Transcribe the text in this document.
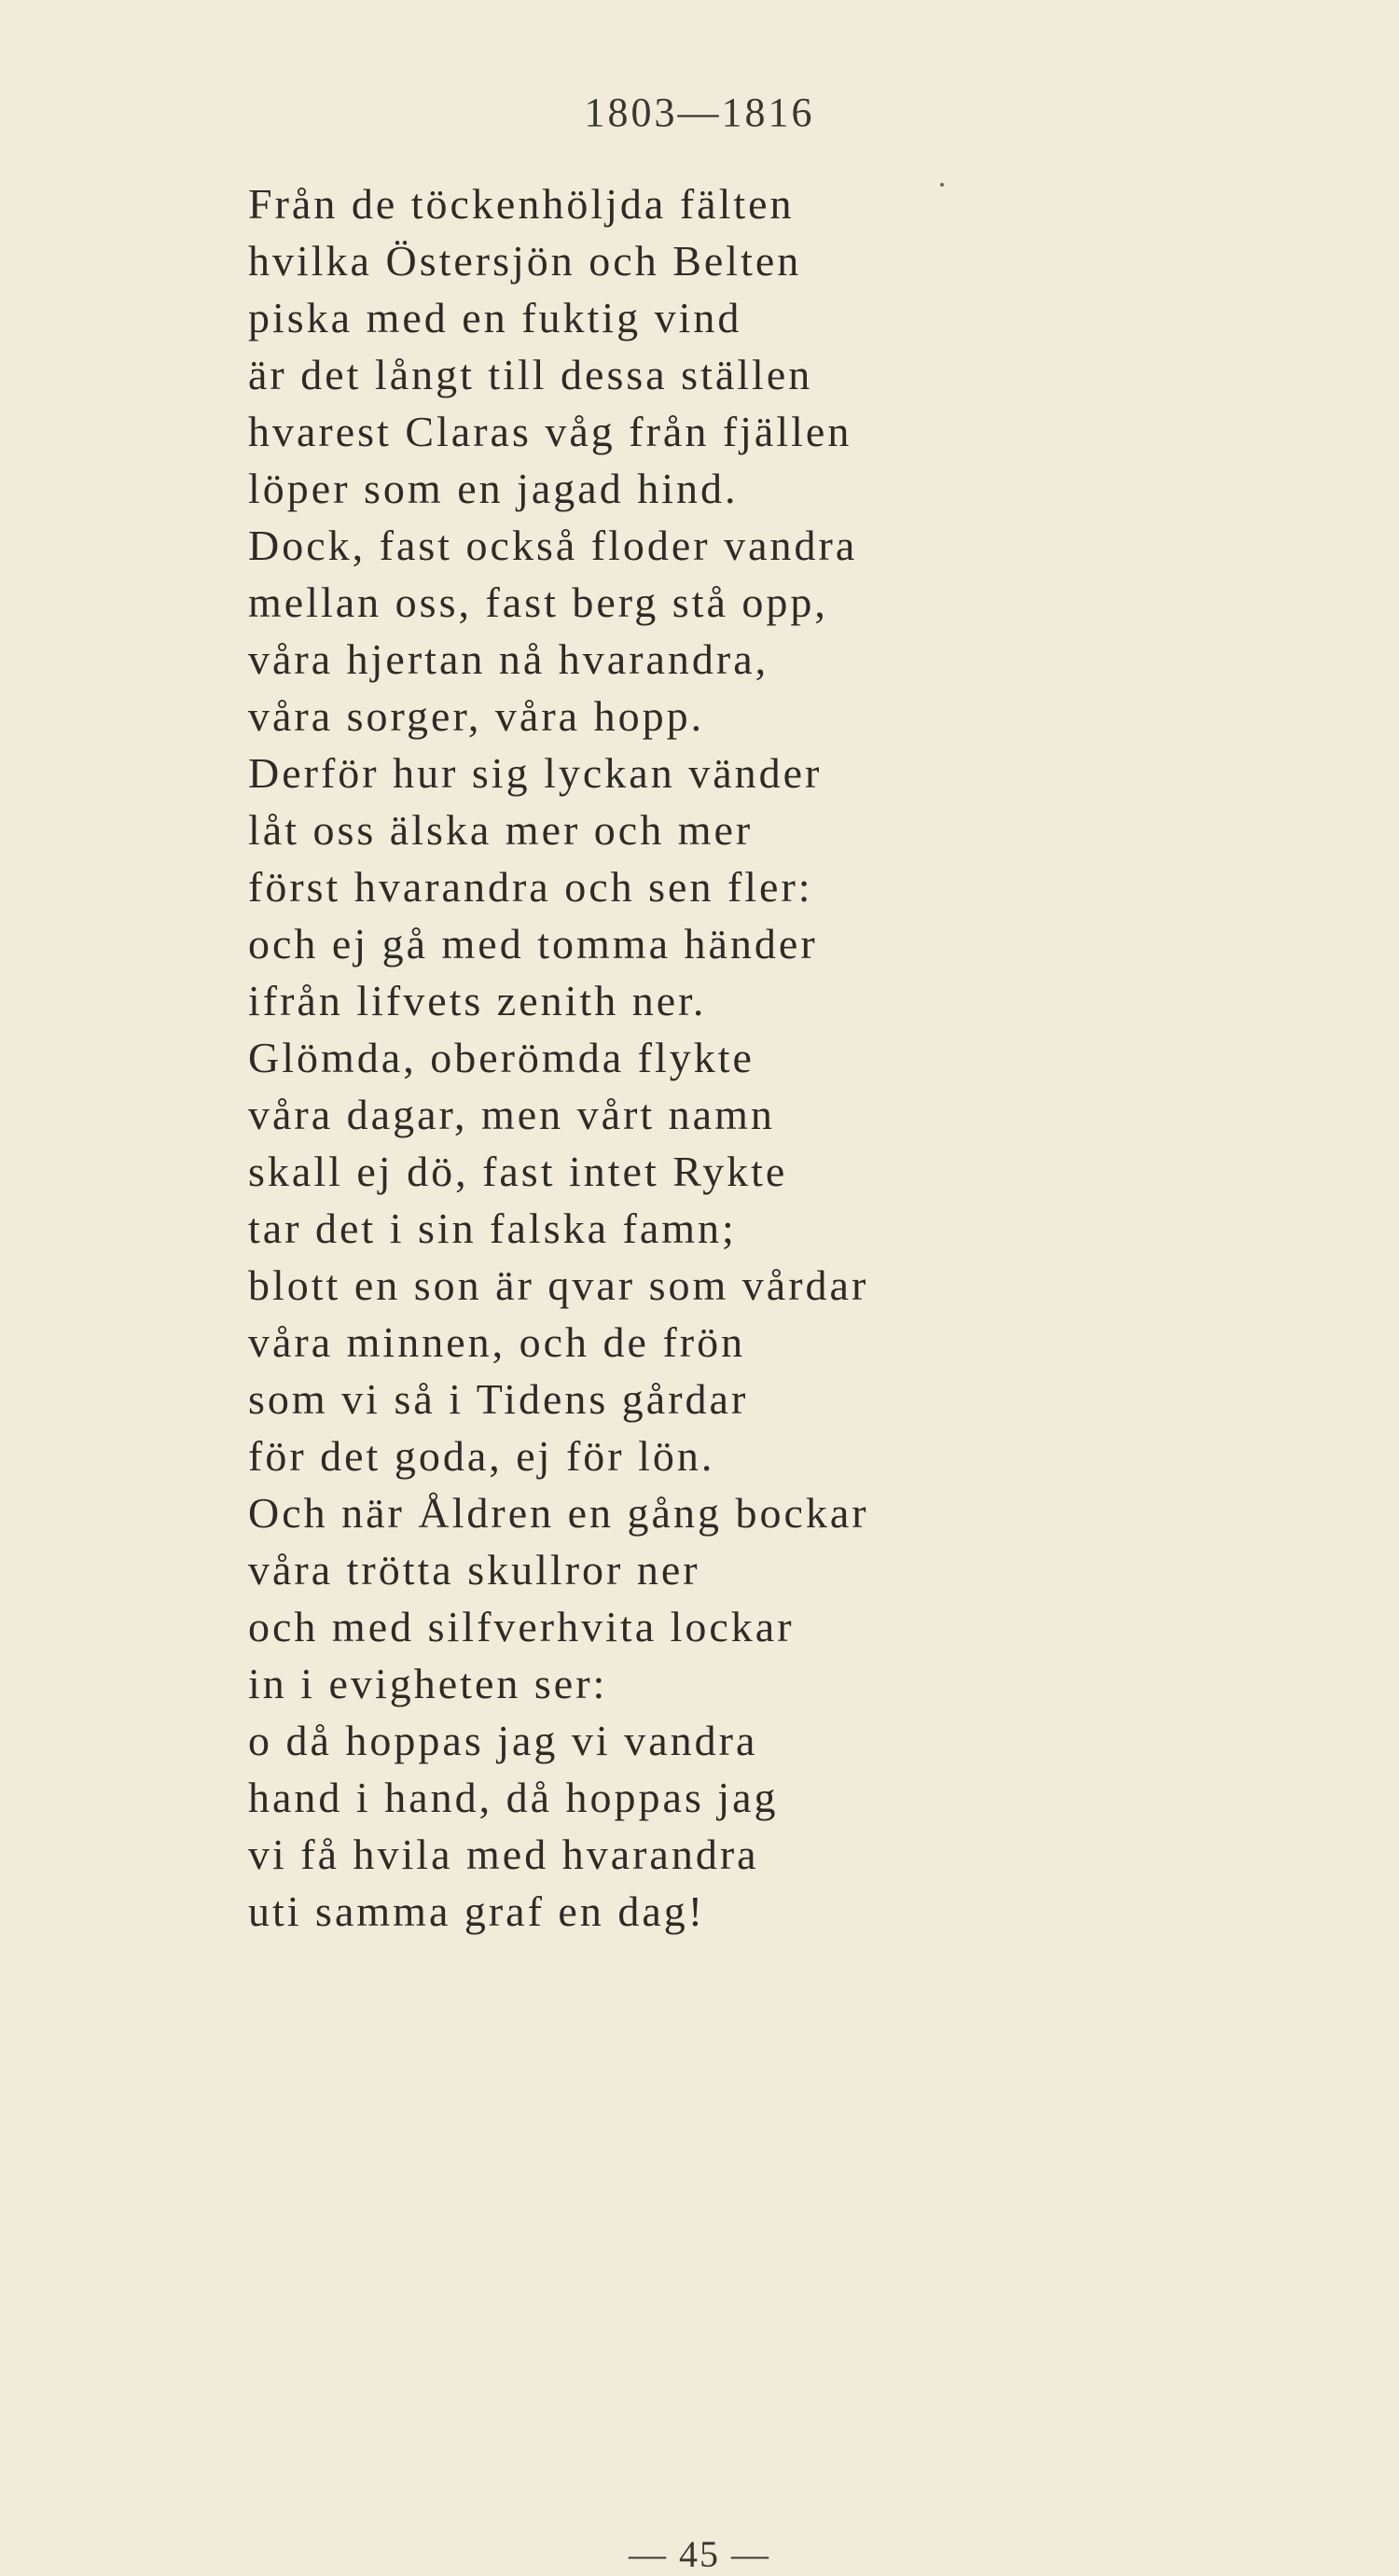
1803—1816
Från de töckenhöljda fälten
hvilka Östersjön och Belten
piska med en fuktig vind
är det långt till dessa ställen
hvarest Claras våg från fjällen
löper som en jagad hind.
Dock, fast också floder vandra
mellan oss, fast berg stå opp,
våra hjertan nå hvarandra,
våra sorger, våra hopp.
Derför hur sig lyckan vänder
låt oss älska mer och mer
först hvarandra och sen fler:
och ej gå med tomma händer
ifrån lifvets zenith ner.
Glömda, oberömda flykte
våra dagar, men vårt namn
skall ej dö, fast intet Rykte
tar det i sin falska famn;
blott en son är qvar som vårdar
våra minnen, och de frön
som vi så i Tidens gårdar
för det goda, ej för lön.
Och när Åldren en gång bockar
våra trötta skullror ner
och med silfverhvita lockar
in i evigheten ser:
o då hoppas jag vi vandra
hand i hand, då hoppas jag
vi få hvila med hvarandra
uti samma graf en dag!
— 45 —
